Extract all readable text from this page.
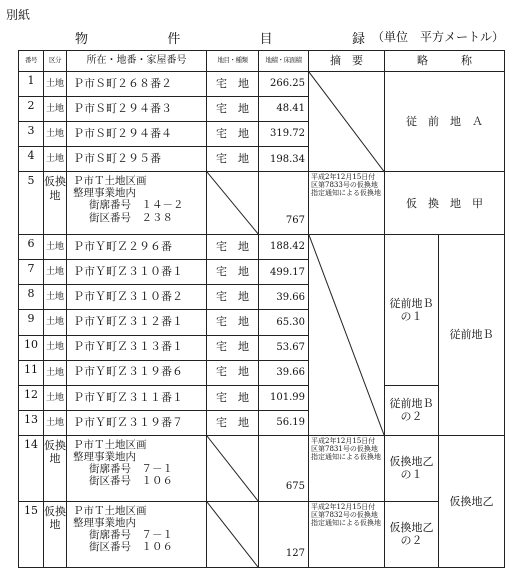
別紙
物	件	目	録 （単位　平方メートル）
番号	区分	所在・地番・家屋番号	地目・種類	地積・床面積	摘　要	略　　　称	
1	土地	Ｐ市Ｓ町２６８番２	宅　地	266.25		従　前　地　Ａ	
2	土地	Ｐ市Ｓ町２９４番３	宅　地	48.41			
3	土地	Ｐ市Ｓ町２９４番４	宅　地	319.72			
4	土地	Ｐ市Ｓ町２９５番	宅　地	198.34			
5	仮換地	Ｐ市Ｔ土地区画
整理事業地内
街廓番号　１４－２
街区番号　２３８		767	平成2年12月15日付区第7833号の仮換地指定通知による仮換地	仮　換　地　甲	
6	土地	Ｐ市Ｙ町Ｚ２９６番	宅　地	188.42		従前地Ｂの１	従前地Ｂ
7	土地	Ｐ市Ｙ町Ｚ３１０番１	宅　地	499.17			
8	土地	Ｐ市Ｙ町Ｚ３１０番２	宅　地	39.66			
9	土地	Ｐ市Ｙ町Ｚ３１２番１	宅　地	65.30			
10	土地	Ｐ市Ｙ町Ｚ３１３番１	宅　地	53.67			
11	土地	Ｐ市Ｙ町Ｚ３１９番６	宅　地	39.66			
12	土地	Ｐ市Ｙ町Ｚ３１１番１	宅　地	101.99		従前地Ｂの２	
13	土地	Ｐ市Ｙ町Ｚ３１９番７	宅　地	56.19			
14	仮換地	Ｐ市Ｔ土地区画
整理事業地内
街廓番号　７－１
街区番号　１０６		675	平成2年12月15日付区第7831号の仮換地指定通知による仮換地	仮換地乙の１	仮換地乙
15	仮換地	Ｐ市Ｔ土地区画
整理事業地内
街廓番号　７－１
街区番号　１０６		127	平成2年12月15日付区第7832号の仮換地指定通知による仮換地	仮換地乙の２	
